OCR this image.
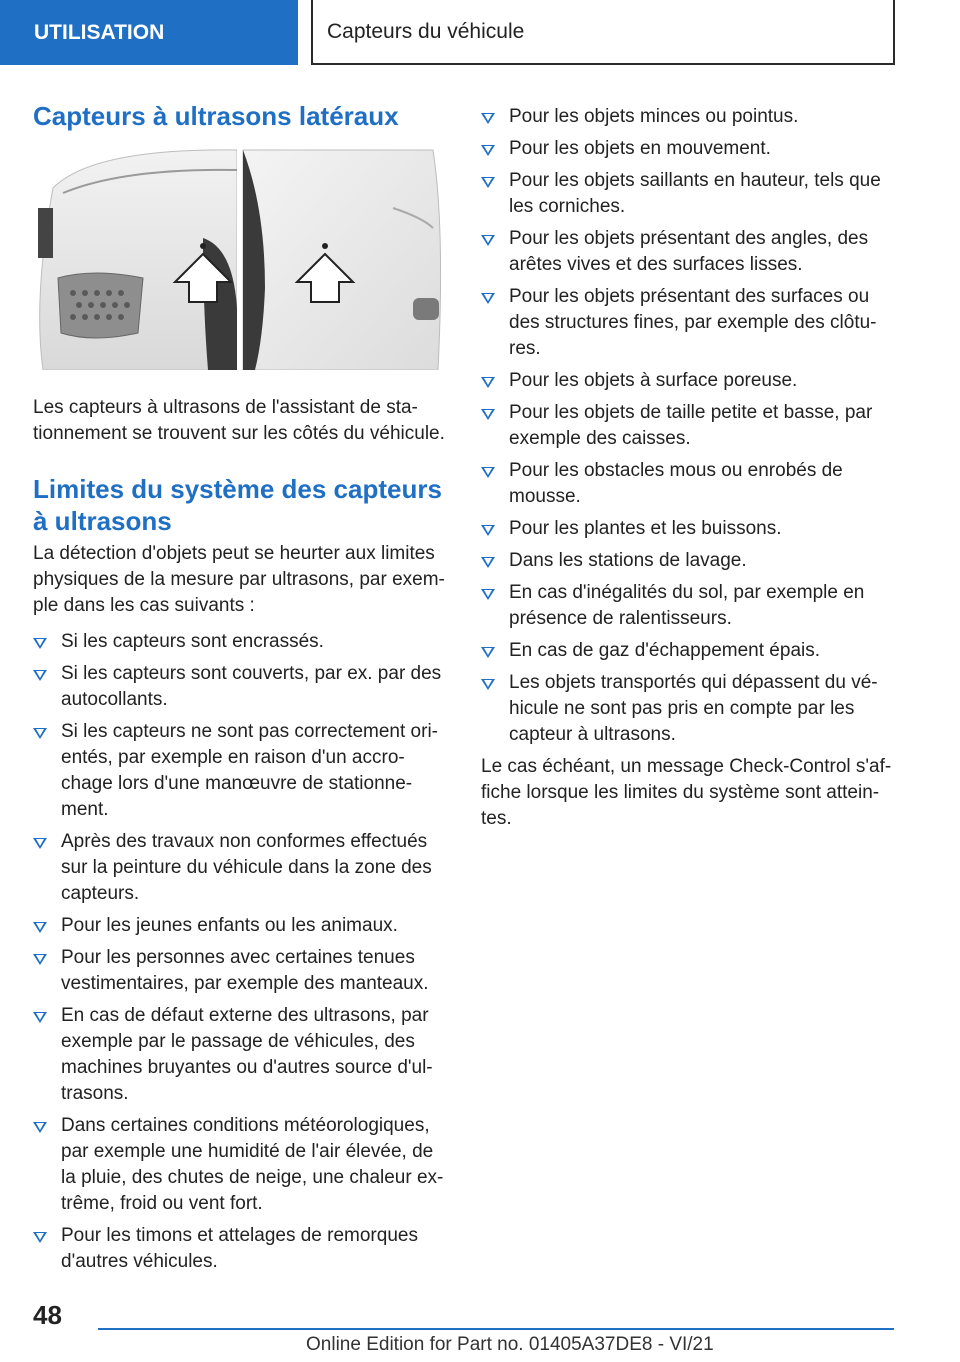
UTILISATION	Capteurs du véhicule
Capteurs à ultrasons latéraux

Les capteurs à ultrasons de l'assistant de sta-tionnement se trouvent sur les côtés du véhicule.

Limites du système des capteurs à ultrasons

La détection d'objets peut se heurter aux limites physiques de la mesure par ultrasons, par exem-ple dans les cas suivants :

Si les capteurs sont encrassés.
Si les capteurs sont couverts, par ex. par des autocollants.
Si les capteurs ne sont pas correctement ori-entés, par exemple en raison d'un accro-chage lors d'une manœuvre de stationne-ment.
Après des travaux non conformes effectués sur la peinture du véhicule dans la zone des capteurs.
Pour les jeunes enfants ou les animaux.
Pour les personnes avec certaines tenues vestimentaires, par exemple des manteaux.
En cas de défaut externe des ultrasons, par exemple par le passage de véhicules, des machines bruyantes ou d'autres source d'ul-trasons.
Dans certaines conditions météorologiques, par exemple une humidité de l'air élevée, de la pluie, des chutes de neige, une chaleur ex-trême, froid ou vent fort.
Pour les timons et attelages de remorques d'autres véhicules.
Pour les objets minces ou pointus.
Pour les objets en mouvement.
Pour les objets saillants en hauteur, tels que les corniches.
Pour les objets présentant des angles, des arêtes vives et des surfaces lisses.
Pour les objets présentant des surfaces ou des structures fines, par exemple des clôtu-res.
Pour les objets à surface poreuse.
Pour les objets de taille petite et basse, par exemple des caisses.
Pour les obstacles mous ou enrobés de mousse.
Pour les plantes et les buissons.
Dans les stations de lavage.
En cas d'inégalités du sol, par exemple en présence de ralentisseurs.
En cas de gaz d'échappement épais.
Les objets transportés qui dépassent du vé-hicule ne sont pas pris en compte par les capteur à ultrasons.

Le cas échéant, un message Check-Control s'af-fiche lorsque les limites du système sont attein-tes.

48
Online Edition for Part no. 01405A37DE8 - VI/21
